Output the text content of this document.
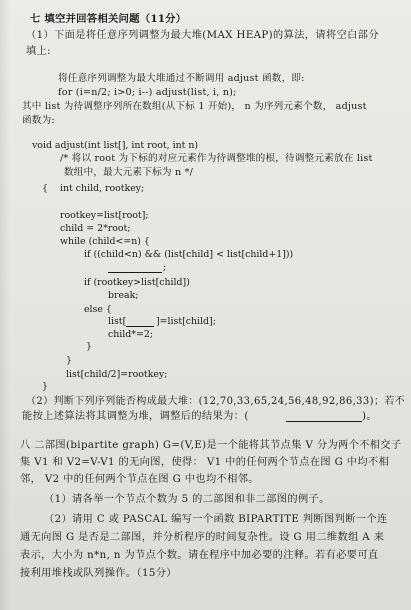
七 填空并回答相关问题（11分）
（1）下面是将任意序列调整为最大堆(MAX HEAP)的算法，请将空白部分
填上:
将任意序列调整为最大堆通过不断调用 adjust 函数，即:
for (i=n/2; i>0; i--) adjust(list, i, n);
其中 list 为待调整序列所在数组(从下标 1 开始)， n 为序列元素个数， adjust
函数为:
void adjust(int list[], int root, int n)
/* 将以 root 为下标的对应元素作为待调整堆的根，待调整元素放在 list
数组中，最大元素下标为 n */
{ int child, rootkey;
rootkey=list[root];
child = 2*root;
while (child<=n) {
if ((child<n) && (list[child] < list[child+1]))
;
if (rootkey>list[child])
break;
else {
list[	]=list[child];
child*=2;
}
}
list[child/2]=rootkey;
}
（2）判断下列序列能否构成最大堆：(12,70,33,65,24,56,48,92,86,33)；若不
能按上述算法将其调整为堆，调整后的结果为：(	)。
八 二部图(bipartite graph) G=(V,E)是一个能将其节点集 V 分为两个不相交子
集 V1 和 V2=V-V1 的无向图，使得： V1 中的任何两个节点在图 G 中均不相
邻， V2 中的任何两个节点在图 G 中也均不相邻。
（1）请各举一个节点个数为 5 的二部图和非二部图的例子。
（2）请用 C 或 PASCAL 编写一个函数 BIPARTITE 判断图判断一个连
通无向图 G 是否是二部图，并分析程序的时间复杂性。设 G 用二维数组 A 来
表示，大小为 n*n, n 为节点个数。请在程序中加必要的注释。若有必要可直
接利用堆栈或队列操作。（15分）
